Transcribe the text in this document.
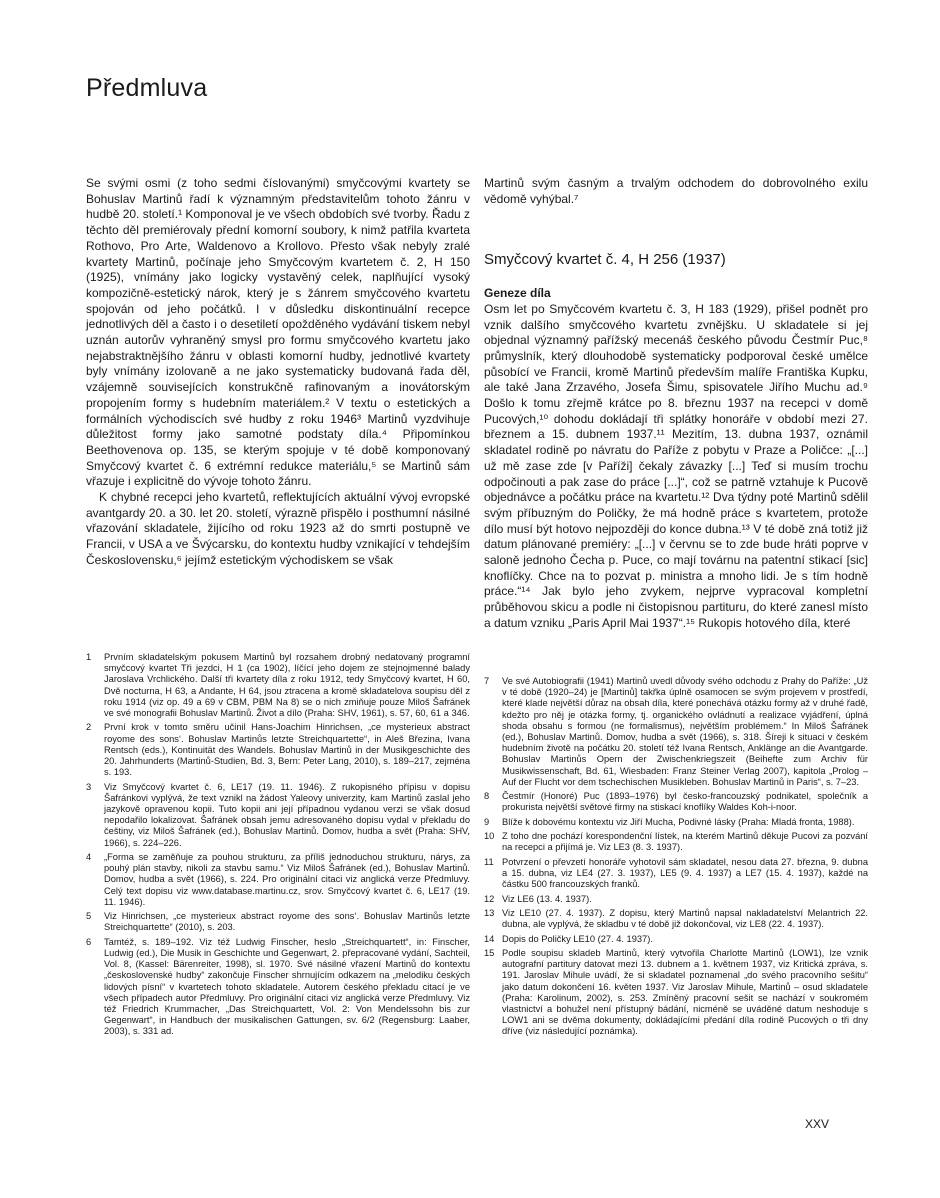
Předmluva

Se svými osmi (z toho sedmi číslovanými) smyčcovými kvartety se Bohuslav Martinů řadí k významným představitelům tohoto žánru v hudbě 20. století.¹ Komponoval je ve všech obdobích své tvorby. Řadu z těchto děl premiérovaly přední komorní soubory, k nimž patřila kvarteta Rothovo, Pro Arte, Waldenovo a Krollovo. Přesto však nebyly zralé kvartety Martinů, počínaje jeho Smyčcovým kvartetem č. 2, H 150 (1925), vnímány jako logicky vystavěný celek, naplňující vysoký kompozičně-estetický nárok, který je s žánrem smyčcového kvartetu spojován od jeho počátků. I v důsledku diskontinuální recepce jednotlivých děl a často i o desetiletí opožděného vydávání tiskem nebyl uznán autorův vyhraněný smysl pro formu smyčcového kvartetu jako nejabstraktnějšího žánru v oblasti komorní hudby, jednotlivé kvartety byly vnímány izolovaně a ne jako systematicky budovaná řada děl, vzájemně souvisejících konstrukčně rafinovaným a inovátorským propojením formy s hudebním materiálem.² V textu o estetických a formálních východiscích své hudby z roku 1946³ Martinů vyzdvihuje důležitost formy jako samotné podstaty díla.⁴ Připomínkou Beethovenova op. 135, se kterým spojuje v té době komponovaný Smyčcový kvartet č. 6 extrémní redukce materiálu,⁵ se Martinů sám vřazuje i explicitně do vývoje tohoto žánru.

K chybné recepci jeho kvartetů, reflektujících aktuální vývoj evropské avantgardy 20. a 30. let 20. století, výrazně přispělo i posthumní násilné vřazování skladatele, žijícího od roku 1923 až do smrti postupně ve Francii, v USA a ve Švýcarsku, do kontextu hudby vznikající v tehdejším Československu,⁶ jejímž estetickým východiskem se však

Martinů svým časným a trvalým odchodem do dobrovolného exilu vědomě vyhýbal.⁷

Smyčcový kvartet č. 4, H 256 (1937)
Geneze díla

Osm let po Smyčcovém kvartetu č. 3, H 183 (1929), přišel podnět pro vznik dalšího smyčcového kvartetu zvnějšku. U skladatele si jej objednal významný pařížský mecenáš českého původu Čestmír Puc,⁸ průmyslník, který dlouhodobě systematicky podporoval české umělce působící ve Francii, kromě Martinů především malíře Františka Kupku, ale také Jana Zrzavého, Josefa Šimu, spisovatele Jiřího Muchu ad.⁹ Došlo k tomu zřejmě krátce po 8. březnu 1937 na recepci v domě Pucových,¹⁰ dohodu dokládají tři splátky honoráře v období mezi 27. březnem a 15. dubnem 1937.¹¹ Mezitím, 13. dubna 1937, oznámil skladatel rodině po návratu do Paříže z pobytu v Praze a Poličce: „[...] už mě zase zde [v Paříži] čekaly závazky [...] Teď si musím trochu odpočinouti a pak zase do práce [...]“, což se patrně vztahuje k Pucově objednávce a počátku práce na kvartetu.¹² Dva týdny poté Martinů sdělil svým příbuzným do Poličky, že má hodně práce s kvartetem, protože dílo musí být hotovo nejpozději do konce dubna.¹³ V té době zná totiž již datum plánované premiéry: „[...] v červnu se to zde bude hráti poprve v saloně jednoho Čecha p. Puce, co mají továrnu na patentní stikací [sic] knoflíčky. Chce na to pozvat p. ministra a mnoho lidi. Je s tím hodně práce.“¹⁴ Jak bylo jeho zvykem, nejprve vypracoval kompletní průběhovou skicu a podle ni čistopisnou partituru, do které zanesl místo a datum vzniku „Paris April Mai 1937“.¹⁵ Rukopis hotového díla, které

1	Prvním skladatelským pokusem Martinů byl rozsahem drobný nedatovaný programní smyčcový kvartet Tři jezdci, H 1 (ca 1902), líčící jeho dojem ze stejnojmenné balady Jaroslava Vrchlického. Další tři kvartety díla z roku 1912, tedy Smyčcový kvartet, H 60, Dvě nocturna, H 63, a Andante, H 64, jsou ztracena a kromě skladatelova soupisu děl z roku 1914 (viz op. 49 a 69 v CBM, PBM Na 8) se o nich zmiňuje pouze Miloš Šafránek ve své monografii Bohuslav Martinů. Život a dílo (Praha: SHV, 1961), s. 57, 60, 61 a 346.
2	První krok v tomto směru učinil Hans-Joachim Hinrichsen, „ce mysterieux abstract royome des sons‘. Bohuslav Martinůs letzte Streichquartette“, in Aleš Březina, Ivana Rentsch (eds.), Kontinuität des Wandels. Bohuslav Martinů in der Musikgeschichte des 20. Jahrhunderts (Martinů-Studien, Bd. 3, Bern: Peter Lang, 2010), s. 189–217, zejména s. 193.
3	Viz Smyčcový kvartet č. 6, LE17 (19. 11. 1946). Z rukopisného přípisu v dopisu Šafránkovi vyplývá, že text vznikl na žádost Yaleovy univerzity, kam Martinů zaslal jeho jazykově opravenou kopii. Tuto kopii ani její případnou vydanou verzi se však dosud nepodařilo lokalizovat. Šafránek obsah jemu adresovaného dopisu vydal v překladu do češtiny, viz Miloš Šafránek (ed.), Bohuslav Martinů. Domov, hudba a svět (Praha: SHV, 1966), s. 224–226.
4	„Forma se zaměňuje za pouhou strukturu, za příliš jednoduchou strukturu, nárys, za pouhý plán stavby, nikoli za stavbu samu.“ Viz Miloš Šafránek (ed.), Bohuslav Martinů. Domov, hudba a svět (1966), s. 224. Pro originální citaci viz anglická verze Předmluvy. Celý text dopisu viz www.database.martinu.cz, srov. Smyčcový kvartet č. 6, LE17 (19. 11. 1946).
5	Viz Hinrichsen, „ce mysterieux abstract royome des sons‘. Bohuslav Martinůs letzte Streichquartette“ (2010), s. 203.
6	Tamtéž, s. 189–192. Viz též Ludwig Finscher, heslo „Streichquartett“, in: Finscher, Ludwig (ed.), Die Musik in Geschichte und Gegenwart, 2. přepracované vydání, Sachteil, Vol. 8, (Kassel: Bärenreiter, 1998), sl. 1970. Své násilné vřazení Martinů do kontextu „československé hudby“ zakončuje Finscher shrnujícím odkazem na „melodiku českých lidových písní“ v kvartetech tohoto skladatele. Autorem českého překladu citací je ve všech případech autor Předmluvy. Pro originální citaci viz anglická verze Předmluvy. Viz též Friedrich Krummacher, „Das Streichquartett, Vol. 2: Von Mendelssohn bis zur Gegenwart“, in Handbuch der musikalischen Gattungen, sv. 6/2 (Regensburg: Laaber, 2003), s. 331 ad.
7	Ve své Autobiografii (1941) Martinů uvedl důvody svého odchodu z Prahy do Paříže: „Už v té době (1920–24) je [Martinů] takřka úplně osamocen se svým projevem v prostředí, které klade největší důraz na obsah díla, které ponechává otázku formy až v druhé řadě, kdežto pro něj je otázka formy, tj. organického ovládnutí a realizace vyjádření, úplná shoda obsahu s formou (ne formalismus), největším problémem.“ In Miloš Šafránek (ed.), Bohuslav Martinů. Domov, hudba a svět (1966), s. 318. Šíreji k situaci v českém hudebním životě na počátku 20. století též Ivana Rentsch, Anklänge an die Avantgarde. Bohuslav Martinůs Opern der Zwischenkriegszeit (Beihefte zum Archiv für Musikwissenschaft, Bd. 61, Wiesbaden: Franz Steiner Verlag 2007), kapitola „Prolog – Auf der Flucht vor dem tschechischen Musikleben. Bohuslav Martinů in Paris“, s. 7–23.
8	Čestmír (Honoré) Puc (1893–1976) byl česko-francouzský podnikatel, společník a prokurista největší světové firmy na stiskací knoflíky Waldes Koh-i-noor.
9	Blíže k dobovému kontextu viz Jiří Mucha, Podivné lásky (Praha: Mladá fronta, 1988).
10 Z toho dne pochází korespondenční lístek, na kterém Martinů děkuje Pucovi za pozvání na recepci a přijímá je. Viz LE3 (8. 3. 1937).
11 Potvrzení o převzetí honoráře vyhotovil sám skladatel, nesou data 27. března, 9. dubna a 15. dubna, viz LE4 (27. 3. 1937), LE5 (9. 4. 1937) a LE7 (15. 4. 1937), každé na částku 500 francouzských franků.
12 Viz LE6 (13. 4. 1937).
13 Viz LE10 (27. 4. 1937). Z dopisu, který Martinů napsal nakladatelství Melantrich 22. dubna, ale vyplývá, že skladbu v té době již dokončoval, viz LE8 (22. 4. 1937).
14 Dopis do Poličky LE10 (27. 4. 1937).
15 Podle soupisu skladeb Martinů, který vytvořila Charlotte Martinů (LOW1), lze vznik autografní partitury datovat mezi 13. dubnem a 1. květnem 1937, viz Kritická zpráva, s. 191. Jaroslav Mihule uvádí, že si skladatel poznamenal „do svého pracovního sešitu“ jako datum dokončení 16. květen 1937. Viz Jaroslav Mihule, Martinů – osud skladatele (Praha: Karolinum, 2002), s. 253. Zmíněný pracovní sešit se nachází v soukromém vlastnictví a bohužel není přístupný bádání, nicméně se uváděné datum neshoduje s LOW1 ani se dvěma dokumenty, dokládajícími předání díla rodině Pucových o tři dny dříve (viz následující poznámka).
XXV
